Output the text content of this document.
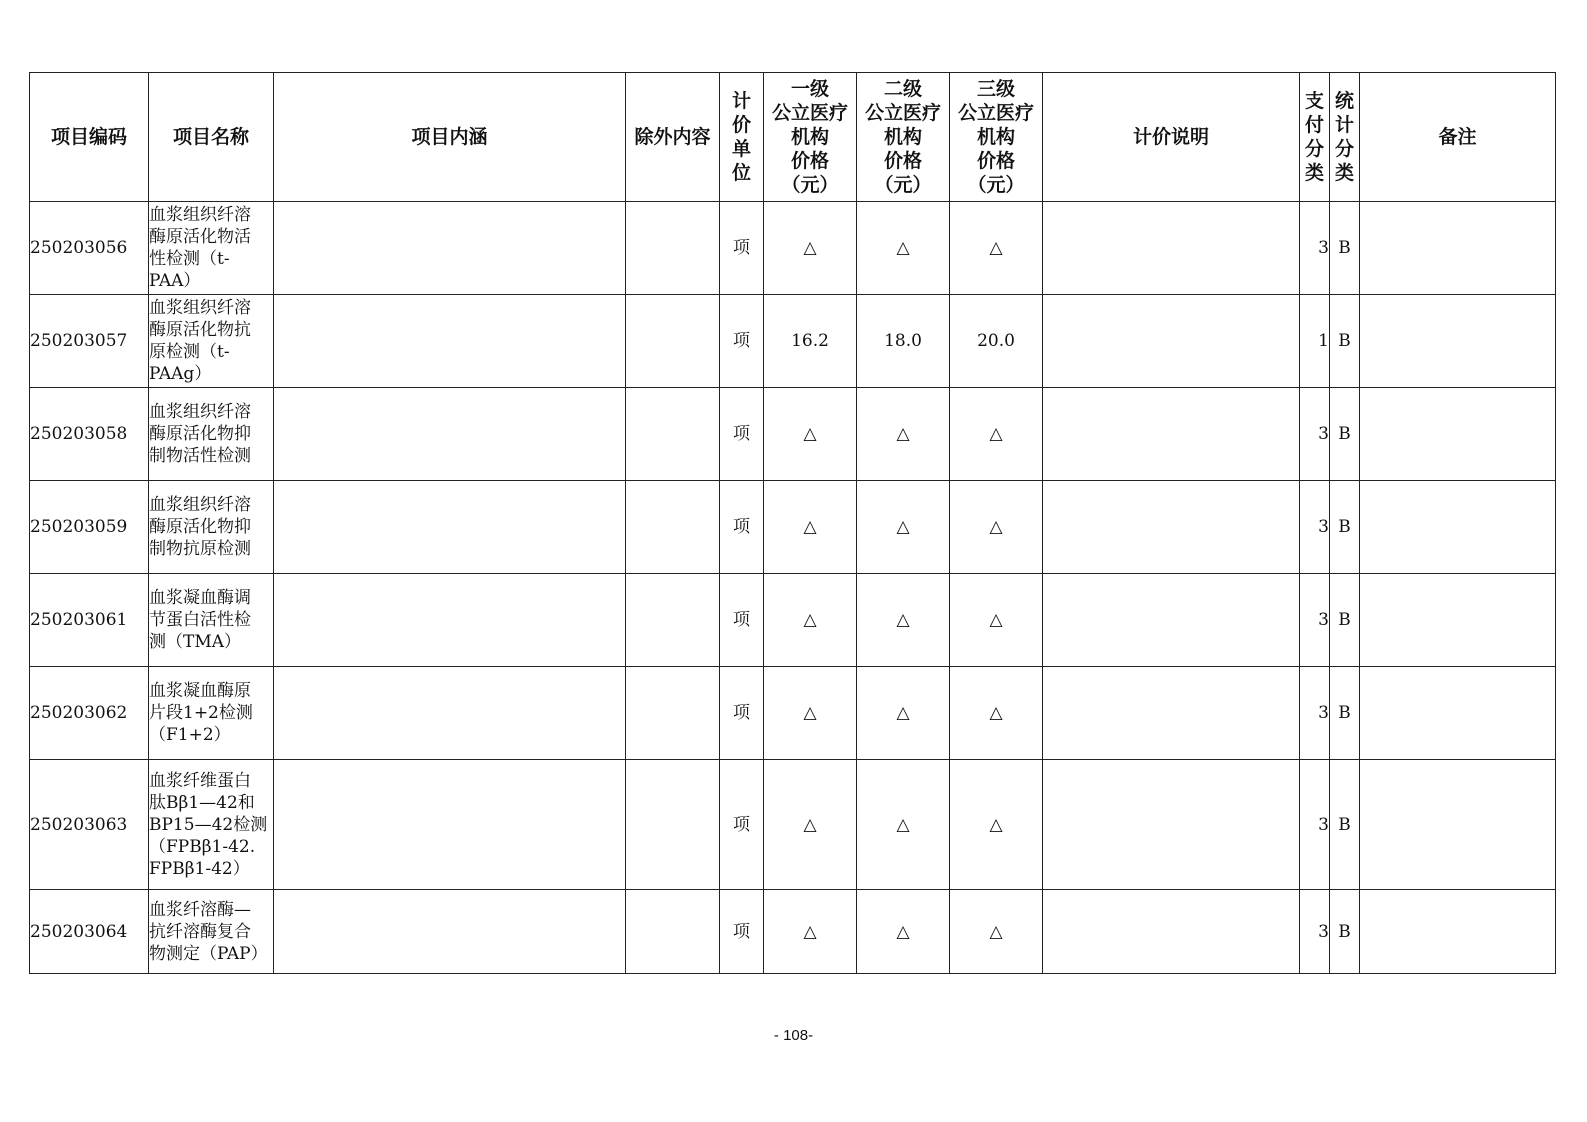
项目编码	项目名称	项目内涵	除外内容	计
价
单
位	一级
公立医疗
机构
价格
（元）	二级
公立医疗
机构
价格
（元）	三级
公立医疗
机构
价格
（元）	计价说明	支
付
分
类	统
计
分
类	备注
250203056	血浆组织纤溶
酶原活化物活
性检测（t-
PAA）			项	△	△	△		3	B	
250203057	血浆组织纤溶
酶原活化物抗
原检测（t-
PAAg）			项	16.2	18.0	20.0		1	B	
250203058	血浆组织纤溶
酶原活化物抑
制物活性检测			项	△	△	△		3	B	
250203059	血浆组织纤溶
酶原活化物抑
制物抗原检测			项	△	△	△		3	B	
250203061	血浆凝血酶调
节蛋白活性检
测（TMA）			项	△	△	△		3	B	
250203062	血浆凝血酶原
片段1+2检测
（F1+2）			项	△	△	△		3	B	
250203063	血浆纤维蛋白
肽Bβ1—42和
BP15—42检测
（FPBβ1-42.
FPBβ1-42）			项	△	△	△		3	B	
250203064	血浆纤溶酶—
抗纤溶酶复合
物测定（PAP）			项	△	△	△		3	B	
- 108-
